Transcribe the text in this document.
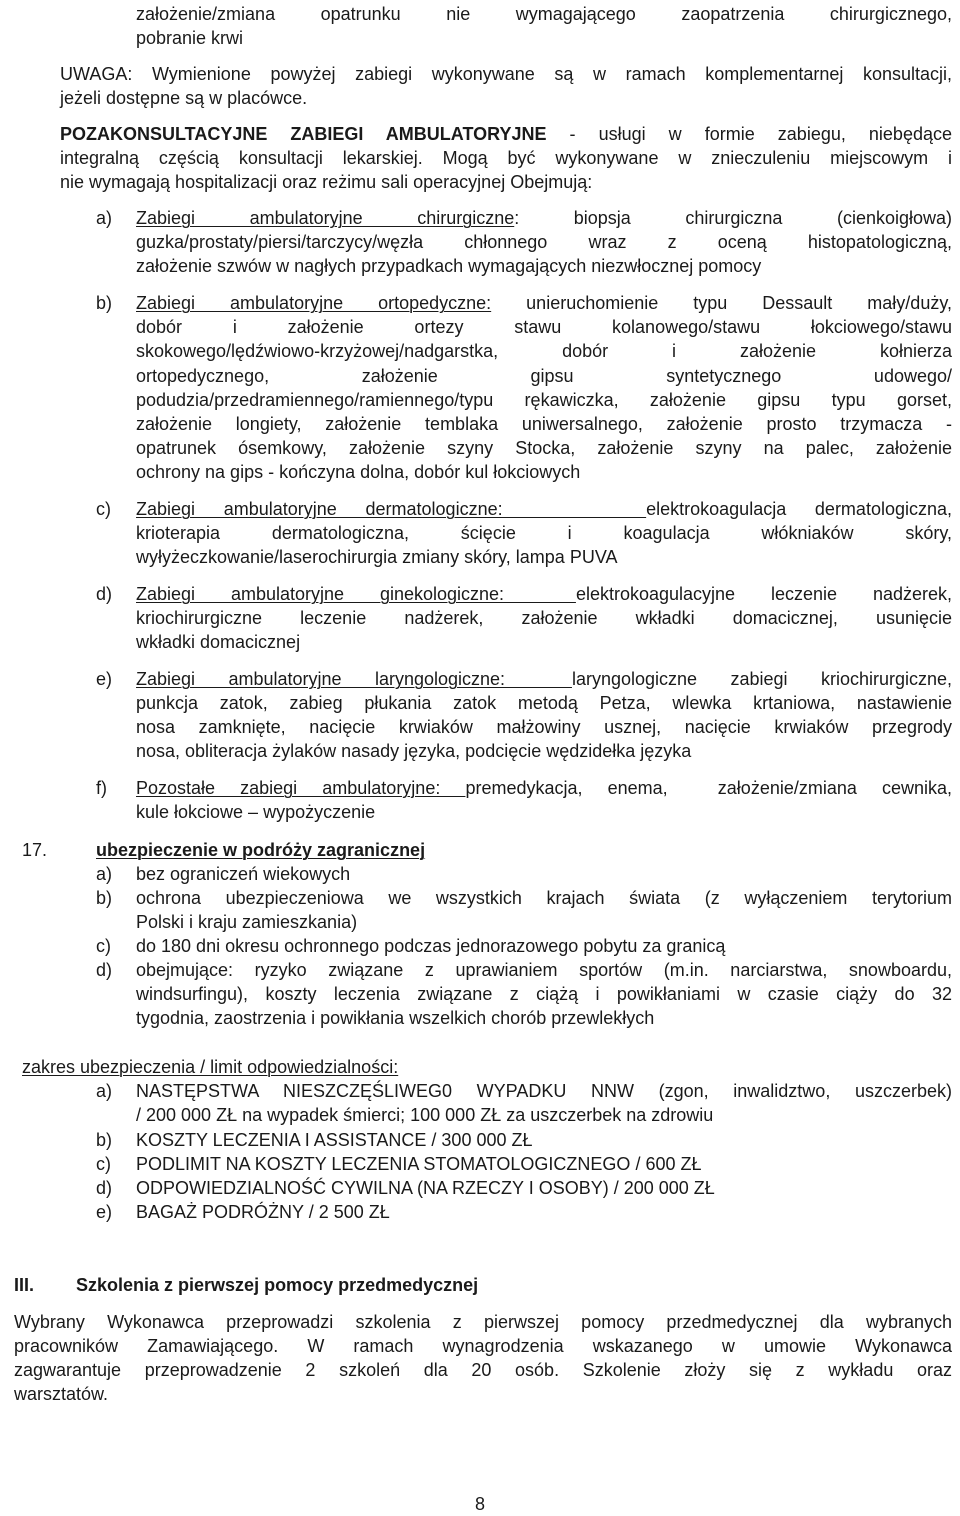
założenie/zmiana opatrunku nie wymagającego zaopatrzenia chirurgicznego,

pobranie krwi

UWAGA: Wymienione powyżej zabiegi wykonywane są w ramach komplementarnej konsultacji,

jeżeli dostępne są w placówce.

POZAKONSULTACYJNE ZABIEGI AMBULATORYJNE - usługi w formie zabiegu, niebędące

integralną częścią konsultacji lekarskiej. Mogą być wykonywane w znieczuleniu miejscowym i

nie wymagają hospitalizacji oraz reżimu sali operacyjnej Obejmują:

a) Zabiegi ambulatoryjne chirurgiczne: biopsja chirurgiczna (cienkoigłowa)

guzka/prostaty/piersi/tarczycy/węzła chłonnego wraz z oceną histopatologiczną,

założenie szwów w nagłych przypadkach wymagających niezwłocznej pomocy

b) Zabiegi ambulatoryjne ortopedyczne: unieruchomienie typu Dessault mały/duży,

dobór i założenie ortezy stawu kolanowego/stawu łokciowego/stawu

skokowego/lędźwiowo-krzyżowej/nadgarstka, dobór i założenie kołnierza

ortopedycznego, założenie gipsu syntetycznego udowego/

podudzia/przedramiennego/ramiennego/typu rękawiczka, założenie gipsu typu gorset,

założenie longiety, założenie temblaka uniwersalnego, założenie prosto trzymacza -

opatrunek ósemkowy, założenie szyny Stocka, założenie szyny na palec, założenie

ochrony na gips - kończyna dolna, dobór kul łokciowych

c) Zabiegi ambulatoryjne dermatologiczne:     elektrokoagulacja dermatologiczna,

krioterapia dermatologiczna, ścięcie i koagulacja włókniaków skóry,

wyłyżeczkowanie/laserochirurgia zmiany skóry, lampa PUVA

d) Zabiegi ambulatoryjne ginekologiczne:  elektrokoagulacyjne leczenie nadżerek,

kriochirurgiczne leczenie nadżerek, założenie wkładki domacicznej, usunięcie

wkładki domacicznej

e) Zabiegi ambulatoryjne laryngologiczne:  laryngologiczne zabiegi kriochirurgiczne,

punkcja zatok, zabieg płukania zatok metodą Petza, wlewka krtaniowa, nastawienie

nosa zamknięte, nacięcie krwiaków małżowiny usznej, nacięcie krwiaków przegrody

nosa, obliteracja żylaków nasady języka, podcięcie wędzidełka języka

f) Pozostałe zabiegi ambulatoryjne: premedykacja, enema,  założenie/zmiana cewnika,

kule łokciowe – wypożyczenie

17.	ubezpieczenie w podróży zagranicznej

a) bez ograniczeń wiekowych

b) ochrona ubezpieczeniowa we wszystkich krajach świata (z wyłączeniem terytorium

Polski i kraju zamieszkania)

c) do 180 dni okresu ochronnego podczas jednorazowego pobytu za granicą

d) obejmujące: ryzyko związane z uprawianiem sportów (m.in. narciarstwa, snowboardu,

windsurfingu), koszty leczenia związane z ciążą i powikłaniami w czasie ciąży do 32

tygodnia, zaostrzenia i powikłania wszelkich chorób przewlekłych

zakres ubezpieczenia / limit odpowiedzialności:

a) NASTĘPSTWA NIESZCZĘŚLIWEG0 WYPADKU NNW (zgon, inwalidztwo, uszczerbek)

/ 200 000 ZŁ na wypadek śmierci; 100 000 ZŁ za uszczerbek na zdrowiu

b) KOSZTY LECZENIA I ASSISTANCE / 300 000 ZŁ

c) PODLIMIT NA KOSZTY LECZENIA STOMATOLOGICZNEGO / 600 ZŁ

d) ODPOWIEDZIALNOŚĆ CYWILNA (NA RZECZY I OSOBY) / 200 000 ZŁ

e) BAGAŻ PODRÓŻNY / 2 500 ZŁ

III. Szkolenia z pierwszej pomocy przedmedycznej

Wybrany Wykonawca przeprowadzi szkolenia z pierwszej pomocy przedmedycznej dla wybranych

pracowników Zamawiającego. W ramach wynagrodzenia wskazanego w umowie Wykonawca

zagwarantuje przeprowadzenie 2 szkoleń dla 20 osób. Szkolenie złoży się z wykładu oraz

warsztatów.

8
